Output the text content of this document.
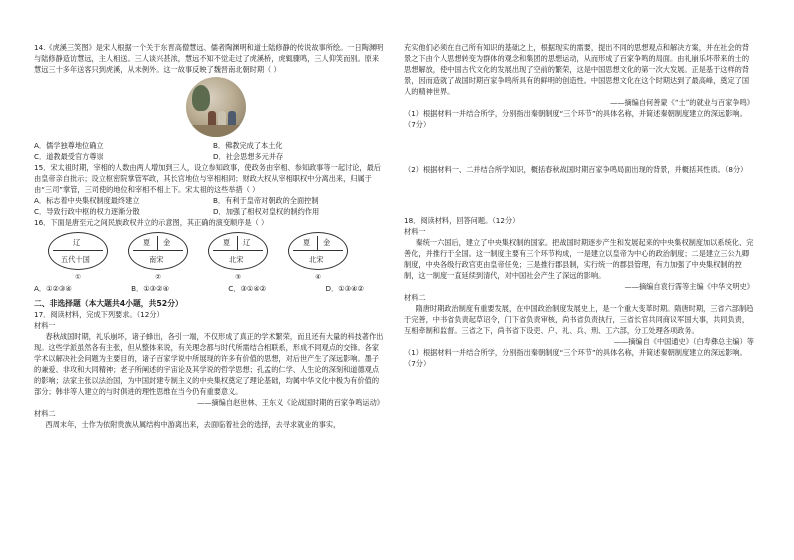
14.《虎溪三笑图》是宋人根据一个关于东晋高僧慧远、儒者陶渊明和道士陆修静的传说故事所绘。一日陶渊明与陆修静造访慧远，主人相送。三人谈兴甚浓，慧远不知不觉走过了虎溪桥，虎辄骤鸣，三人仰笑而别。原来慧远三十多年送客只到虎溪，从未例外。这一故事反映了魏晋南北朝时期（ ）

A．儒学独尊地位确立	B．佛教完成了本土化
C．道教最受官方尊崇	D．社会思想多元并存

15．宋太祖时期，宰相的人数由两人增加到三人，设立参知政事，使政务由宰相、参知政事等一起讨论，最后由皇帝亲自批示；设立枢密院掌管军政，其长官地位与宰相相同；财政大权从宰相职权中分离出来，归属于由“三司”掌管，三司使的地位和宰相不相上下。宋太祖的这些举措（ ）

A．标志着中央集权制度最终建立	B．有利于皇帝对朝政的全面控制
C．导致行政中枢的权力逐渐分散	D．加强了相权对皇权的制约作用

16．下面是唐至元之间民族政权并立的示意图，其正确的演变顺序是（ ）

辽
五代十国
①
夏 金
南宋
②
夏 辽
北宋
③
夏 金
北宋
④
A．①②③④	B．①③②④	C．③①④②	D．①③④②

二、非选择题（本大题共4小题，共52分）

17．阅读材料，完成下列要求。（12分）

材料一

春秋战国时期，礼乐崩坏，诸子蜂出，各引一端，不仅形成了真正的学术繁荣，而且还有大量的科技著作出现。这些学派虽然各有主张，但从整体来说，有关理念都与时代所需结合相联系，形成不同观点的交锋。各家学术以解决社会问题为主要目的，诸子百家学说中所展现的许多有价值的思想，对后世产生了深远影响。墨子的兼爱、非攻和大同精神；老子所阐述的宇宙论及其学说的哲学思想；孔孟的仁学、人生论的深刻和道德观点的影响；法家主张以法治国，为中国封建专制主义的中央集权奠定了理论基础，均属中华文化中极为有价值的部分；韩非等人建立的与时俱进的理性思维在当今仍有重要意义。

——摘编自赵世林、王东义《论战国时期的百家争鸣运动》

材料二

西周末年，士作为依附贵族从属结构中游离出来，去面临着社会的选择，去寻求就业的事实，

充实他们必须在自己所有知识的基础之上，根据现实的需要，提出不同的思想观点和解决方案，并在社会的背景之下由个人思想转变为群体的观念和集团的思想运动，从而形成了百家争鸣的局面。由礼崩乐坏带来的士的思想解放，使中国古代文化的发展出现了空前的繁荣，这是中国思想文化的第一次大发展。正是基于这样的背景，因而造就了战国时期百家争鸣所具有的鲜明的创造性。中国思想文化在这个时期达到了最高峰，奠定了国人的精神世界。

——摘编自何善蒙《“士”的就业与百家争鸣》

（1）根据材料一并结合所学，分别指出秦朝制度“三个环节”的具体名称，并简述秦朝制度建立的深远影响。（7分）

（2）根据材料一、二并结合所学知识，概括春秋战国时期百家争鸣局面出现的背景，并概括其性质。（8分）

18．阅读材料，回答问题。（12分）

材料一

秦统一六国后，建立了中央集权制的国家。把战国时期逐步产生和发展起来的中央集权制度加以系统化、完善化，并推行于全国。这一制度主要有三个环节构成，一是建立以皇帝为中心的政治制度；二是建立三公九卿制度，中央各级行政官吏由皇帝任免；三是推行郡县制，实行统一的郡县管理，有力加强了中央集权制的控制，这一制度一直延续到清代，对中国社会产生了深远的影响。

——摘编自袁行霈等主编《中华文明史》

材料二

隋唐时期政治制度有重要发展，在中国政治制度发展史上，是一个重大变革时期。隋唐时期，三省六部制趋于完善，中书省负责起草诏令，门下省负责审核，尚书省负责执行，三省长官共同商议军国大事，共同负责，互相牵制和监督。三省之下，尚书省下设吏、户、礼、兵、刑、工六部，分工处理各项政务。

——摘编自《中国通史》（白寿彝总主编）等

（1）根据材料一并结合所学，分别指出秦朝制度“三个环节”的具体名称，并简述秦朝制度建立的深远影响。（7分）
